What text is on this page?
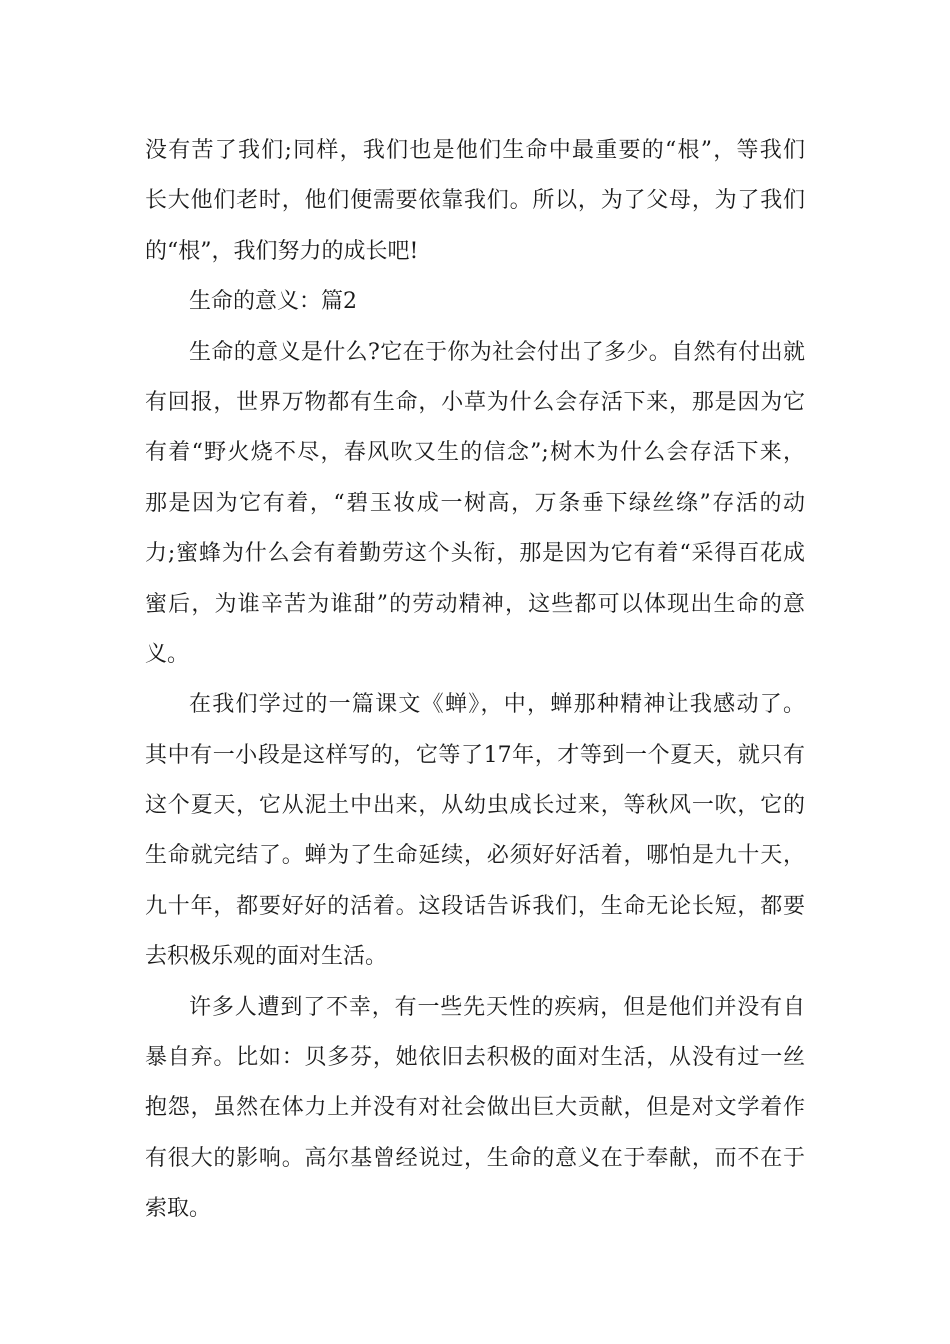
没有苦了我们;同样，我们也是他们生命中最重要的“根”，等我们
长大他们老时，他们便需要依靠我们。所以，为了父母，为了我们
的“根”，我们努力的成长吧!
生命的意义：篇2
生命的意义是什么?它在于你为社会付出了多少。自然有付出就
有回报，世界万物都有生命，小草为什么会存活下来，那是因为它
有着“野火烧不尽，春风吹又生的信念”;树木为什么会存活下来，
那是因为它有着，“碧玉妆成一树高，万条垂下绿丝绦”存活的动
力;蜜蜂为什么会有着勤劳这个头衔，那是因为它有着“采得百花成
蜜后，为谁辛苦为谁甜”的劳动精神，这些都可以体现出生命的意
义。
在我们学过的一篇课文《蝉》，中，蝉那种精神让我感动了。
其中有一小段是这样写的，它等了17年，才等到一个夏天，就只有
这个夏天，它从泥土中出来，从幼虫成长过来，等秋风一吹，它的
生命就完结了。蝉为了生命延续，必须好好活着，哪怕是九十天，
九十年，都要好好的活着。这段话告诉我们，生命无论长短，都要
去积极乐观的面对生活。
许多人遭到了不幸，有一些先天性的疾病，但是他们并没有自
暴自弃。比如：贝多芬，她依旧去积极的面对生活，从没有过一丝
抱怨，虽然在体力上并没有对社会做出巨大贡献，但是对文学着作
有很大的影响。高尔基曾经说过，生命的意义在于奉献，而不在于
索取。
